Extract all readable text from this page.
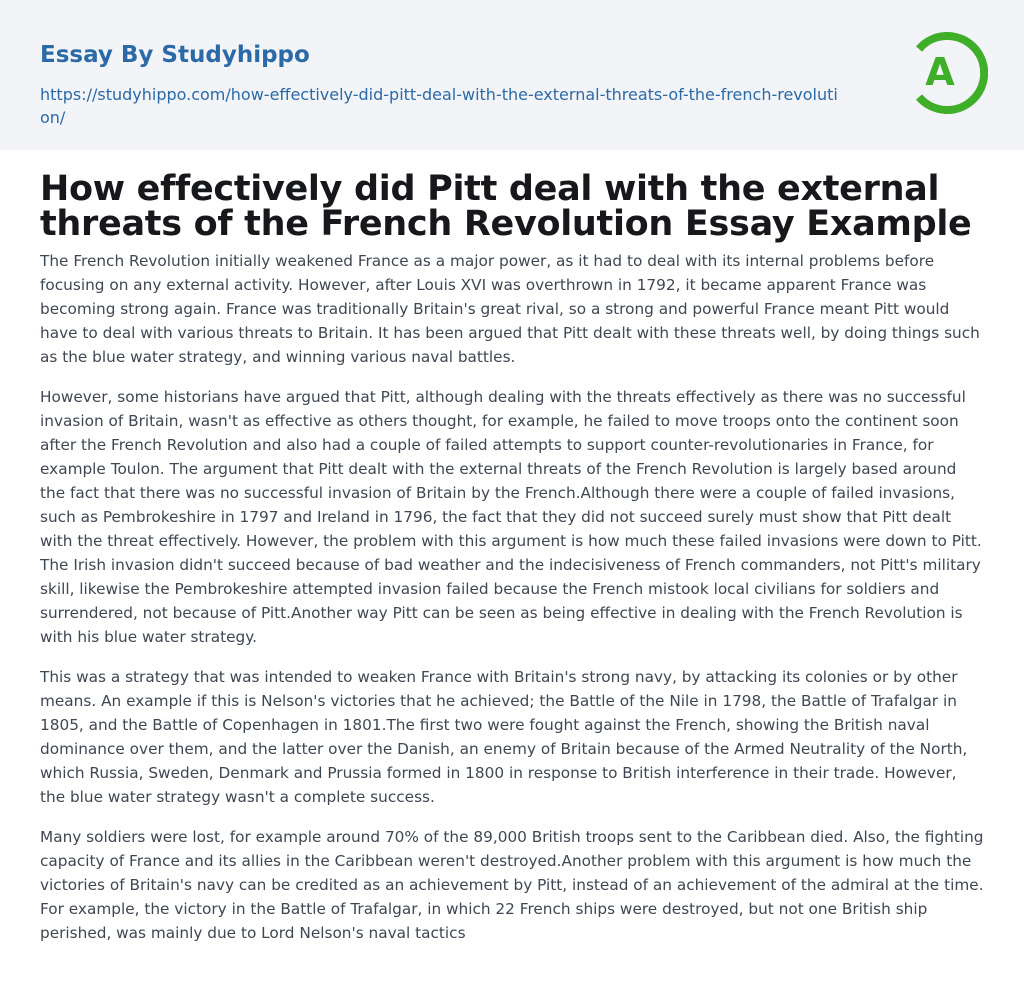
Essay By Studyhippo
https://studyhippo.com/how-effectively-did-pitt-deal-with-the-external-threats-of-the-french-revolution/
A
How effectively did Pitt deal with the external threats of the French Revolution Essay Example

The French Revolution initially weakened France as a major power, as it had to deal with its internal problems before focusing on any external activity. However, after Louis XVI was overthrown in 1792, it became apparent France was becoming strong again. France was traditionally Britain's great rival, so a strong and powerful France meant Pitt would have to deal with various threats to Britain. It has been argued that Pitt dealt with these threats well, by doing things such as the blue water strategy, and winning various naval battles.

However, some historians have argued that Pitt, although dealing with the threats effectively as there was no successful invasion of Britain, wasn't as effective as others thought, for example, he failed to move troops onto the continent soon after the French Revolution and also had a couple of failed attempts to support counter-revolutionaries in France, for example Toulon. The argument that Pitt dealt with the external threats of the French Revolution is largely based around the fact that there was no successful invasion of Britain by the French.Although there were a couple of failed invasions, such as Pembrokeshire in 1797 and Ireland in 1796, the fact that they did not succeed surely must show that Pitt dealt with the threat effectively. However, the problem with this argument is how much these failed invasions were down to Pitt. The Irish invasion didn't succeed because of bad weather and the indecisiveness of French commanders, not Pitt's military skill, likewise the Pembrokeshire attempted invasion failed because the French mistook local civilians for soldiers and surrendered, not because of Pitt.Another way Pitt can be seen as being effective in dealing with the French Revolution is with his blue water strategy.

This was a strategy that was intended to weaken France with Britain's strong navy, by attacking its colonies or by other means. An example if this is Nelson's victories that he achieved; the Battle of the Nile in 1798, the Battle of Trafalgar in 1805, and the Battle of Copenhagen in 1801.The first two were fought against the French, showing the British naval dominance over them, and the latter over the Danish, an enemy of Britain because of the Armed Neutrality of the North, which Russia, Sweden, Denmark and Prussia formed in 1800 in response to British interference in their trade. However, the blue water strategy wasn't a complete success.

Many soldiers were lost, for example around 70% of the 89,000 British troops sent to the Caribbean died. Also, the fighting capacity of France and its allies in the Caribbean weren't destroyed.Another problem with this argument is how much the victories of Britain's navy can be credited as an achievement by Pitt, instead of an achievement of the admiral at the time. For example, the victory in the Battle of Trafalgar, in which 22 French ships were destroyed, but not one British ship perished, was mainly due to Lord Nelson's naval tactics
